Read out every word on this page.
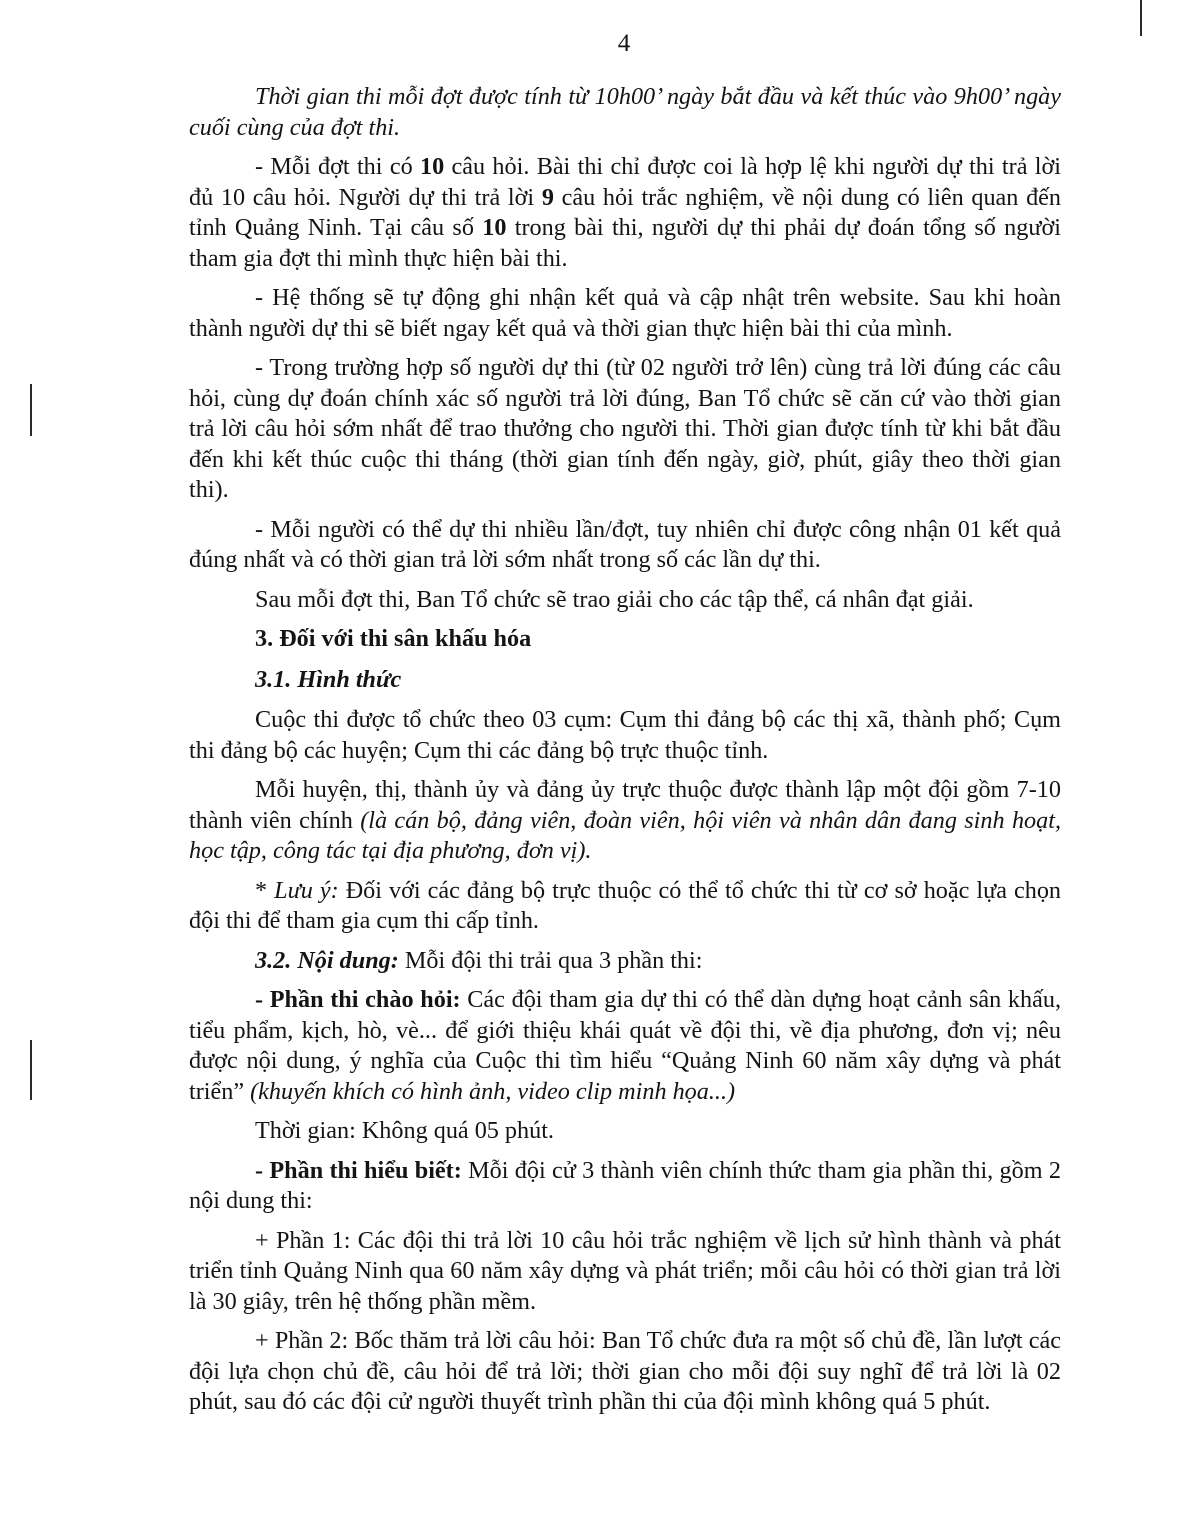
4

Thời gian thi mỗi đợt được tính từ 10h00’ ngày bắt đầu và kết thúc vào 9h00’ ngày cuối cùng của đợt thi.

- Mỗi đợt thi có 10 câu hỏi. Bài thi chỉ được coi là hợp lệ khi người dự thi trả lời đủ 10 câu hỏi. Người dự thi trả lời 9 câu hỏi trắc nghiệm, về nội dung có liên quan đến tỉnh Quảng Ninh. Tại câu số 10 trong bài thi, người dự thi phải dự đoán tổng số người tham gia đợt thi mình thực hiện bài thi.

- Hệ thống sẽ tự động ghi nhận kết quả và cập nhật trên website. Sau khi hoàn thành người dự thi sẽ biết ngay kết quả và thời gian thực hiện bài thi của mình.

- Trong trường hợp số người dự thi (từ 02 người trở lên) cùng trả lời đúng các câu hỏi, cùng dự đoán chính xác số người trả lời đúng, Ban Tổ chức sẽ căn cứ vào thời gian trả lời câu hỏi sớm nhất để trao thưởng cho người thi. Thời gian được tính từ khi bắt đầu đến khi kết thúc cuộc thi tháng (thời gian tính đến ngày, giờ, phút, giây theo thời gian thi).

- Mỗi người có thể dự thi nhiều lần/đợt, tuy nhiên chỉ được công nhận 01 kết quả đúng nhất và có thời gian trả lời sớm nhất trong số các lần dự thi.

Sau mỗi đợt thi, Ban Tổ chức sẽ trao giải cho các tập thể, cá nhân đạt giải.

3. Đối với thi sân khấu hóa

3.1. Hình thức

Cuộc thi được tổ chức theo 03 cụm: Cụm thi đảng bộ các thị xã, thành phố; Cụm thi đảng bộ các huyện; Cụm thi các đảng bộ trực thuộc tỉnh.

Mỗi huyện, thị, thành ủy và đảng ủy trực thuộc được thành lập một đội gồm 7-10 thành viên chính (là cán bộ, đảng viên, đoàn viên, hội viên và nhân dân đang sinh hoạt, học tập, công tác tại địa phương, đơn vị).

* Lưu ý: Đối với các đảng bộ trực thuộc có thể tổ chức thi từ cơ sở hoặc lựa chọn đội thi để tham gia cụm thi cấp tỉnh.

3.2. Nội dung: Mỗi đội thi trải qua 3 phần thi:

- Phần thi chào hỏi: Các đội tham gia dự thi có thể dàn dựng hoạt cảnh sân khấu, tiểu phẩm, kịch, hò, vè... để giới thiệu khái quát về đội thi, về địa phương, đơn vị; nêu được nội dung, ý nghĩa của Cuộc thi tìm hiểu “Quảng Ninh 60 năm xây dựng và phát triển” (khuyến khích có hình ảnh, video clip minh họa...)

Thời gian: Không quá 05 phút.

- Phần thi hiểu biết: Mỗi đội cử 3 thành viên chính thức tham gia phần thi, gồm 2 nội dung thi:

+ Phần 1: Các đội thi trả lời 10 câu hỏi trắc nghiệm về lịch sử hình thành và phát triển tỉnh Quảng Ninh qua 60 năm xây dựng và phát triển; mỗi câu hỏi có thời gian trả lời là 30 giây, trên hệ thống phần mềm.

+ Phần 2: Bốc thăm trả lời câu hỏi: Ban Tổ chức đưa ra một số chủ đề, lần lượt các đội lựa chọn chủ đề, câu hỏi để trả lời; thời gian cho mỗi đội suy nghĩ để trả lời là 02 phút, sau đó các đội cử người thuyết trình phần thi của đội mình không quá 5 phút.
